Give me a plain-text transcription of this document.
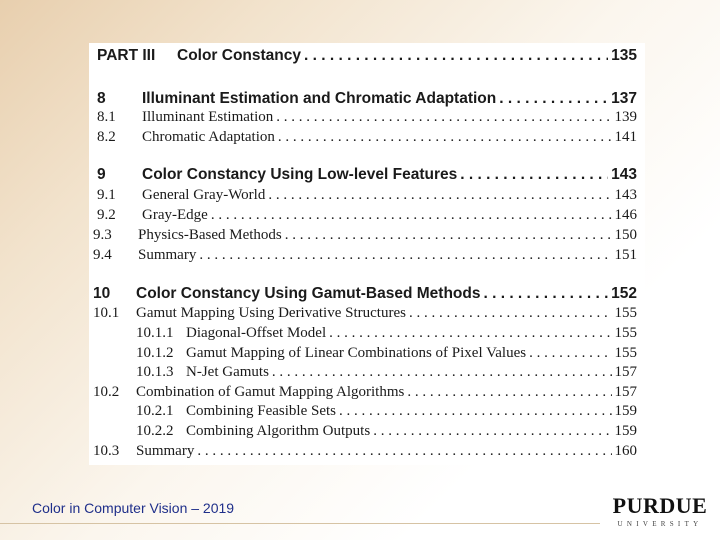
PART III	Color Constancy . . .	135
8	Illuminant Estimation and Chromatic Adaptation . . .	137
8.1	Illuminant Estimation . . .	139
8.2	Chromatic Adaptation . . .	141
9	Color Constancy Using Low-level Features . . .	143
9.1	General Gray-World . . .	143
9.2	Gray-Edge . . .	146
9.3	Physics-Based Methods . . .	150
9.4	Summary . . .	151
10	Color Constancy Using Gamut-Based Methods . . .	152
10.1	Gamut Mapping Using Derivative Structures . . .	155
10.1.1 Diagonal-Offset Model . . .	155
10.1.2 Gamut Mapping of Linear Combinations of Pixel Values . . .	155
10.1.3 N-Jet Gamuts . . .	157
10.2	Combination of Gamut Mapping Algorithms . . .	157
10.2.1 Combining Feasible Sets . . .	159
10.2.2 Combining Algorithm Outputs . . .	159
10.3	Summary . . .	160
Color in Computer Vision – 2019	PURDUE
UNIVERSITY
